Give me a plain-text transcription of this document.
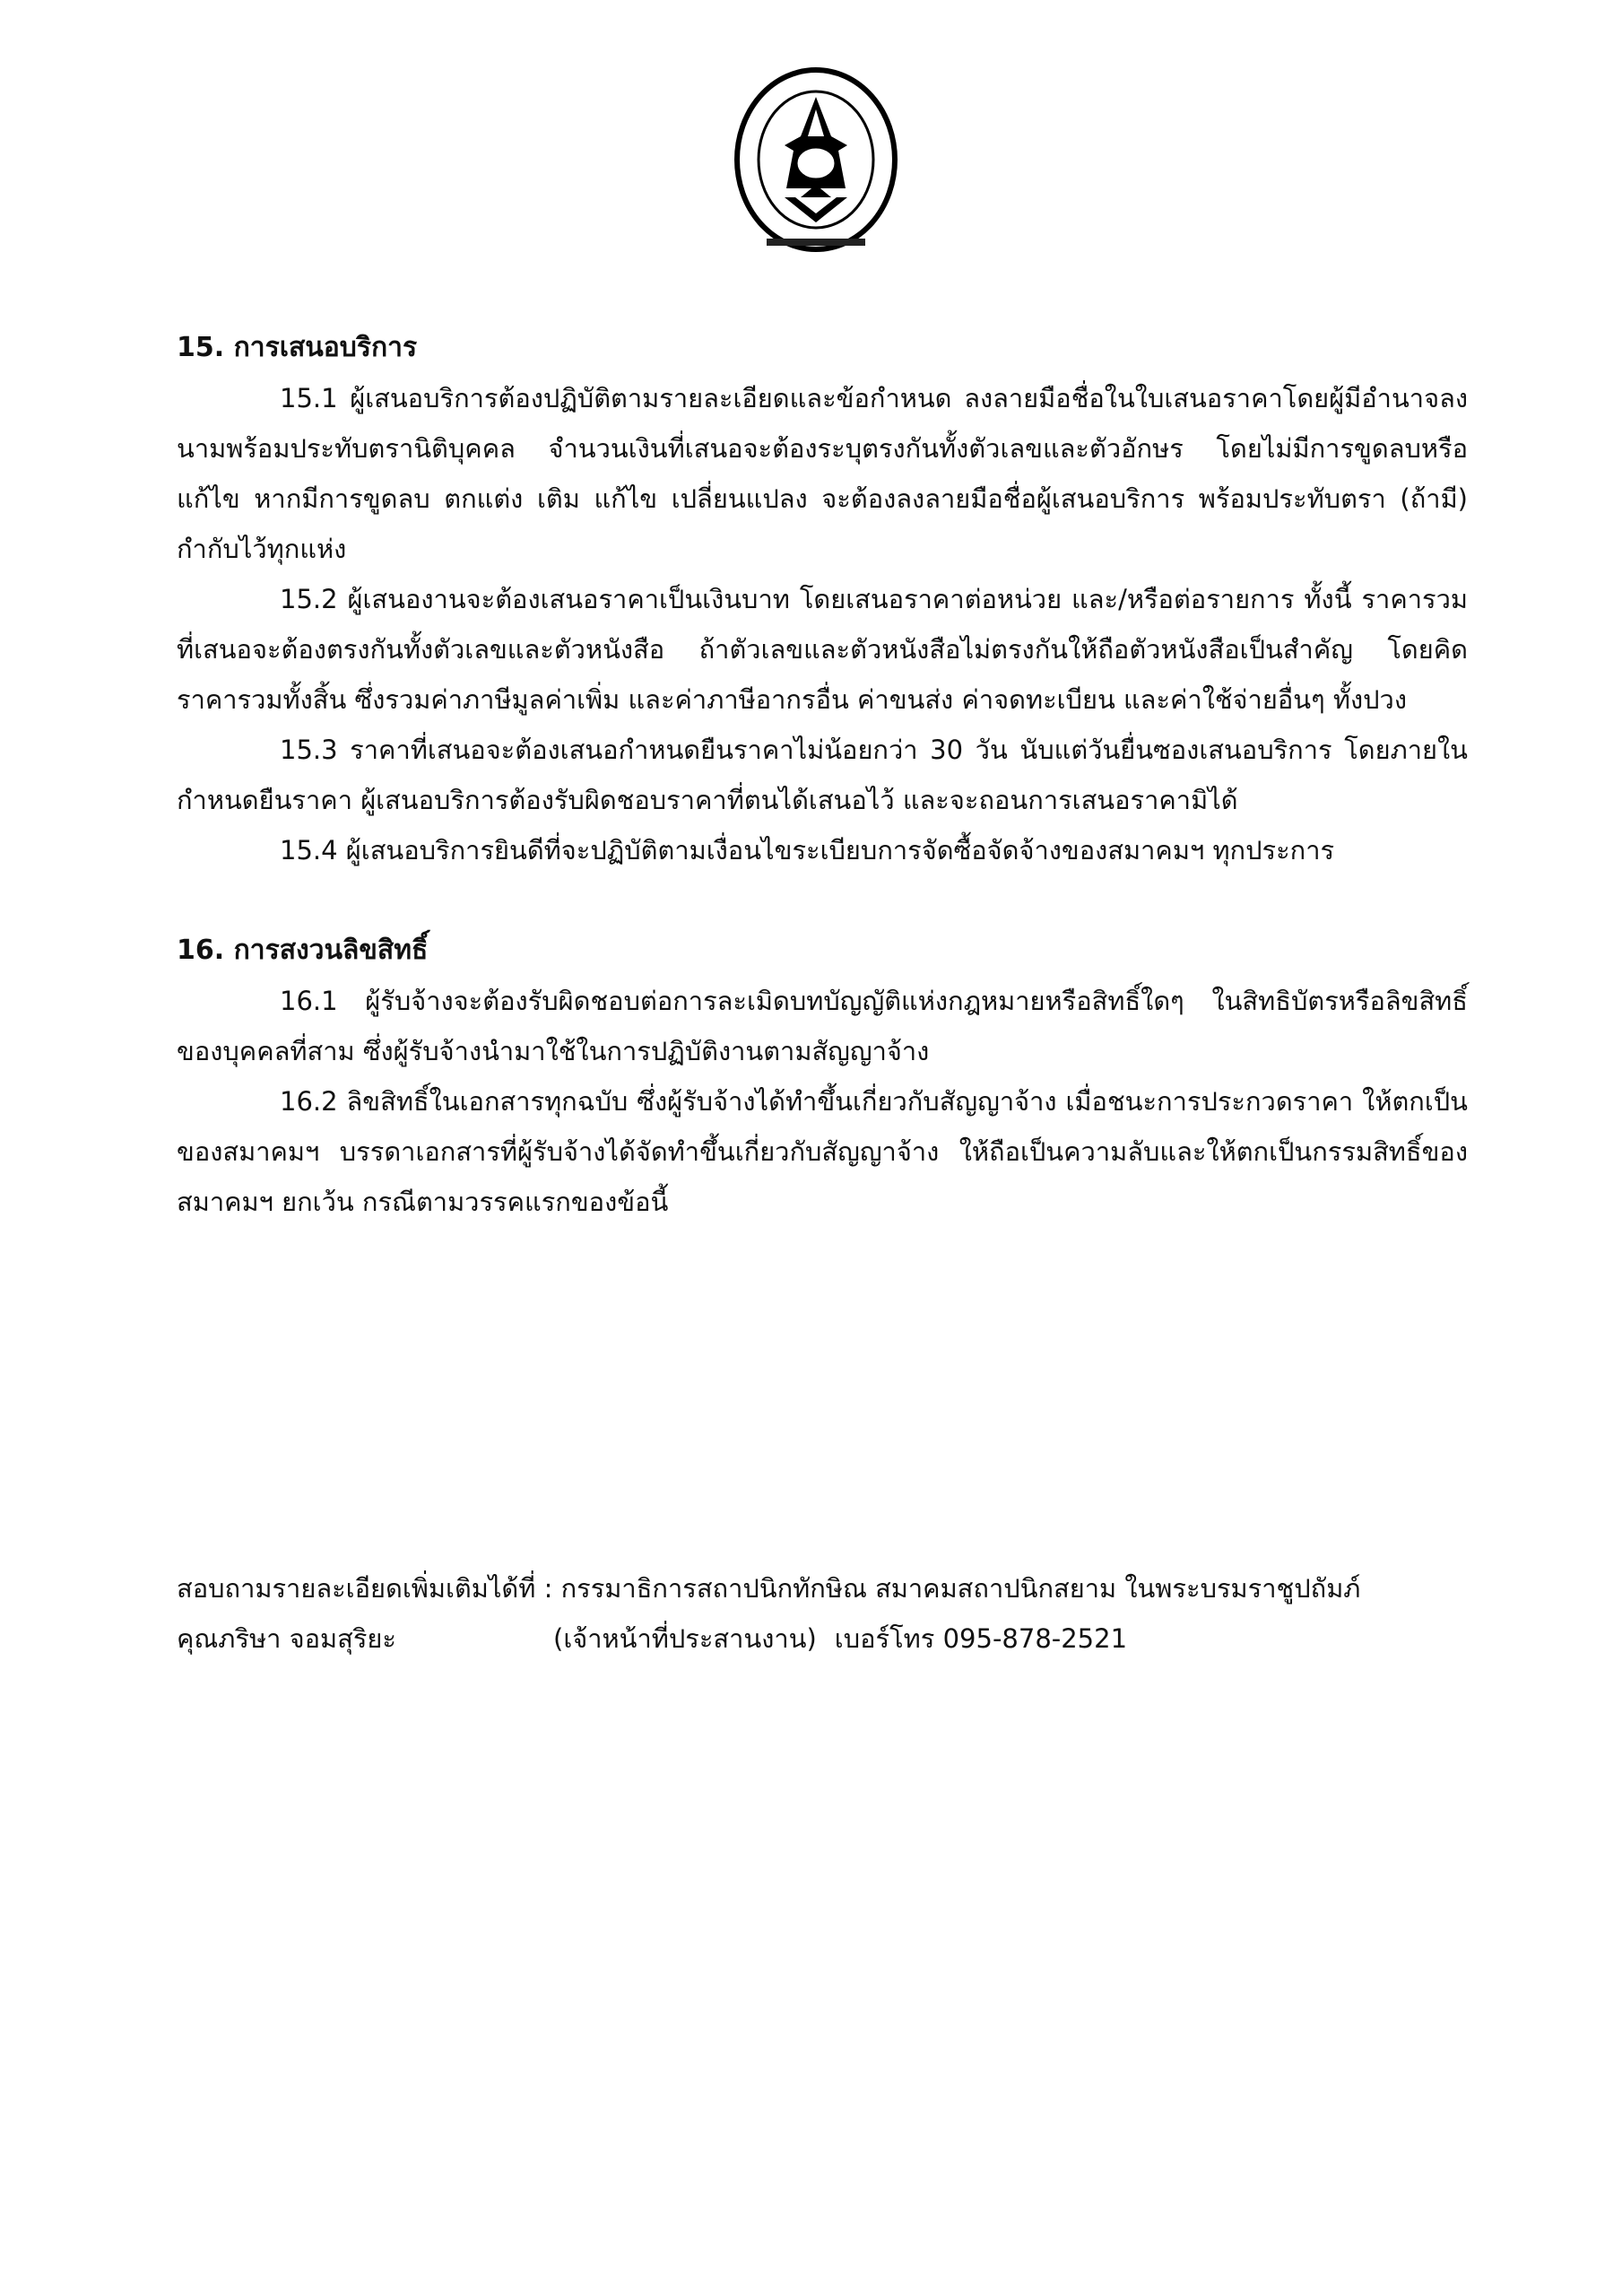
15. การเสนอบริการ

15.1 ผู้เสนอบริการต้องปฏิบัติตามรายละเอียดและข้อกำหนด ลงลายมือชื่อในใบเสนอราคาโดยผู้มีอำนาจลงนามพร้อมประทับตรานิติบุคคล จำนวนเงินที่เสนอจะต้องระบุตรงกันทั้งตัวเลขและตัวอักษร โดยไม่มีการขูดลบหรือแก้ไข หากมีการขูดลบ ตกแต่ง เติม แก้ไข เปลี่ยนแปลง จะต้องลงลายมือชื่อผู้เสนอบริการ พร้อมประทับตรา (ถ้ามี) กำกับไว้ทุกแห่ง

15.2 ผู้เสนองานจะต้องเสนอราคาเป็นเงินบาท โดยเสนอราคาต่อหน่วย และ/หรือต่อรายการ ทั้งนี้ ราคารวมที่เสนอจะต้องตรงกันทั้งตัวเลขและตัวหนังสือ ถ้าตัวเลขและตัวหนังสือไม่ตรงกันให้ถือตัวหนังสือเป็นสำคัญ โดยคิดราคารวมทั้งสิ้น ซึ่งรวมค่าภาษีมูลค่าเพิ่ม และค่าภาษีอากรอื่น ค่าขนส่ง ค่าจดทะเบียน และค่าใช้จ่ายอื่นๆ ทั้งปวง

15.3 ราคาที่เสนอจะต้องเสนอกำหนดยืนราคาไม่น้อยกว่า 30 วัน นับแต่วันยื่นซองเสนอบริการ โดยภายในกำหนดยืนราคา ผู้เสนอบริการต้องรับผิดชอบราคาที่ตนได้เสนอไว้ และจะถอนการเสนอราคามิได้

15.4 ผู้เสนอบริการยินดีที่จะปฏิบัติตามเงื่อนไขระเบียบการจัดซื้อจัดจ้างของสมาคมฯ ทุกประการ

16. การสงวนลิขสิทธิ์

16.1 ผู้รับจ้างจะต้องรับผิดชอบต่อการละเมิดบทบัญญัติแห่งกฎหมายหรือสิทธิ์ใดๆ ในสิทธิบัตรหรือลิขสิทธิ์ของบุคคลที่สาม ซึ่งผู้รับจ้างนำมาใช้ในการปฏิบัติงานตามสัญญาจ้าง

16.2 ลิขสิทธิ์ในเอกสารทุกฉบับ ซึ่งผู้รับจ้างได้ทำขึ้นเกี่ยวกับสัญญาจ้าง เมื่อชนะการประกวดราคา ให้ตกเป็นของสมาคมฯ บรรดาเอกสารที่ผู้รับจ้างได้จัดทำขึ้นเกี่ยวกับสัญญาจ้าง ให้ถือเป็นความลับและให้ตกเป็นกรรมสิทธิ์ของสมาคมฯ ยกเว้น กรณีตามวรรคแรกของข้อนี้

สอบถามรายละเอียดเพิ่มเติมได้ที่ : กรรมาธิการสถาปนิกทักษิณ สมาคมสถาปนิกสยาม ในพระบรมราชูปถัมภ์
คุณภริษา จอมสุริยะ	(เจ้าหน้าที่ประสานงาน) เบอร์โทร 095-878-2521
